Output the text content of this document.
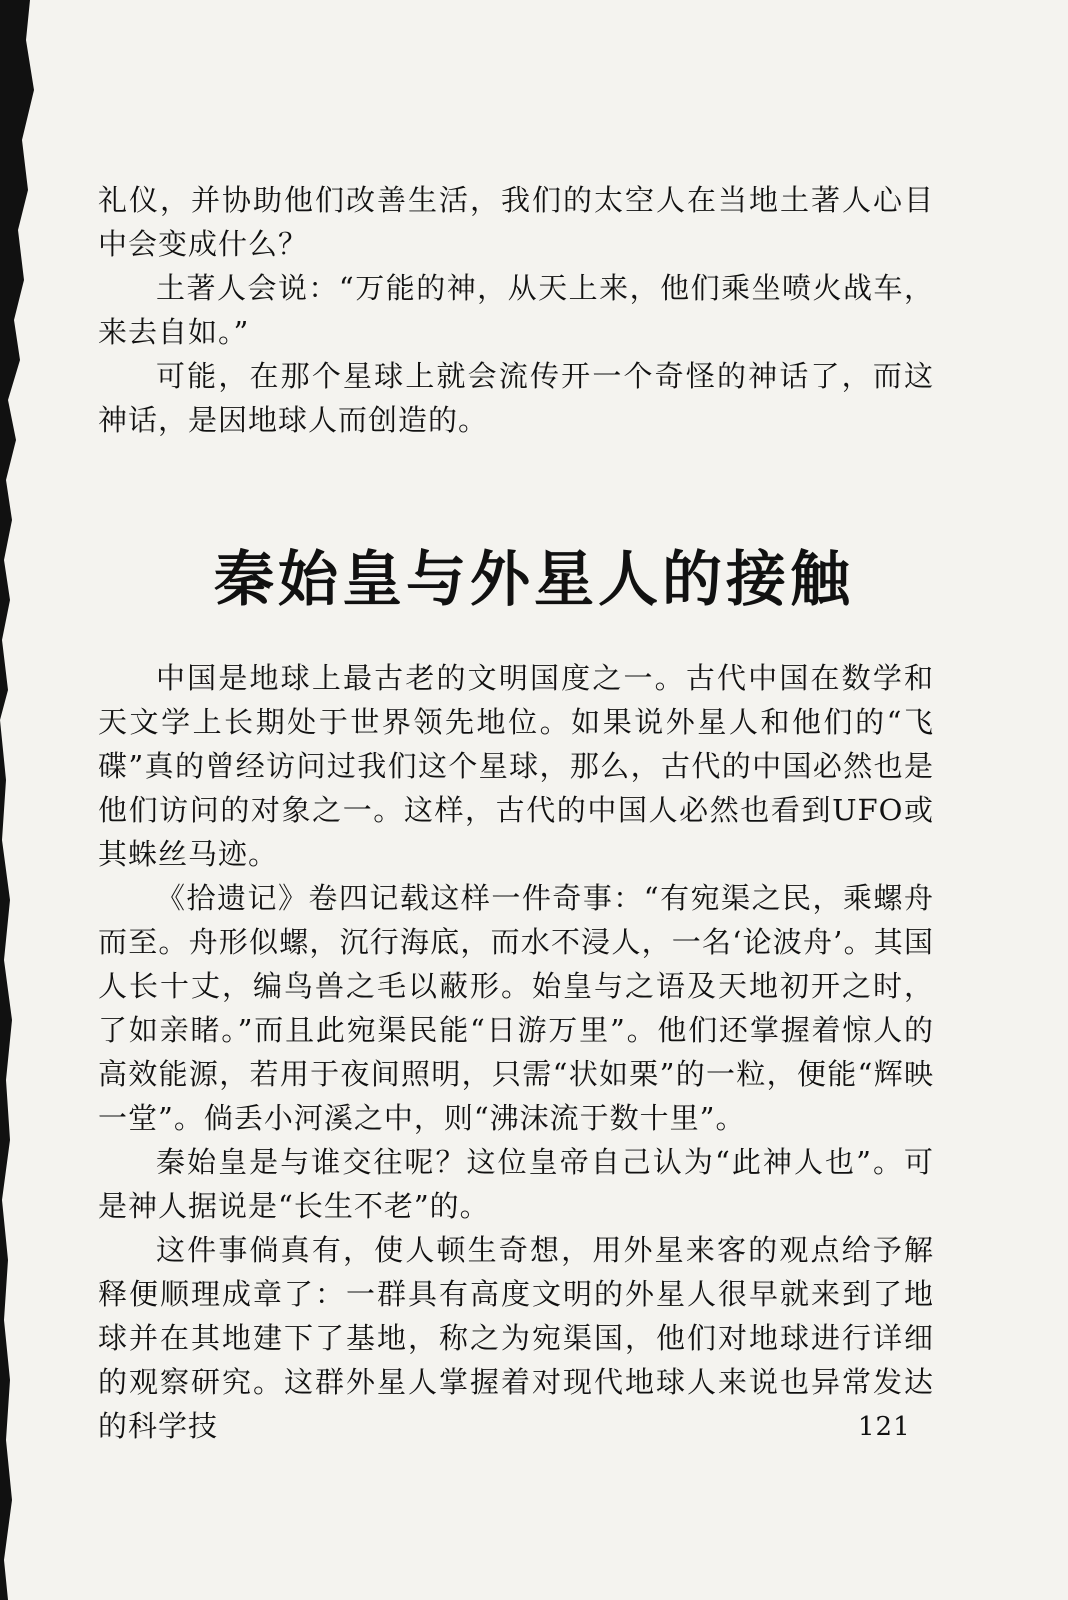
礼仪，并协助他们改善生活，我们的太空人在当地土著人心目中会变成什么？

土著人会说：“万能的神，从天上来，他们乘坐喷火战车，来去自如。”

可能，在那个星球上就会流传开一个奇怪的神话了，而这神话，是因地球人而创造的。

秦始皇与外星人的接触

中国是地球上最古老的文明国度之一。古代中国在数学和天文学上长期处于世界领先地位。如果说外星人和他们的“飞碟”真的曾经访问过我们这个星球，那么，古代的中国必然也是他们访问的对象之一。这样，古代的中国人必然也看到UFO或其蛛丝马迹。

《拾遗记》卷四记载这样一件奇事：“有宛渠之民，乘螺舟而至。舟形似螺，沉行海底，而水不浸人，一名‘论波舟’。其国人长十丈，编鸟兽之毛以蔽形。始皇与之语及天地初开之时，了如亲睹。”而且此宛渠民能“日游万里”。他们还掌握着惊人的高效能源，若用于夜间照明，只需“状如栗”的一粒，便能“辉映一堂”。倘丢小河溪之中，则“沸沫流于数十里”。

秦始皇是与谁交往呢？这位皇帝自己认为“此神人也”。可是神人据说是“长生不老”的。

这件事倘真有，使人顿生奇想，用外星来客的观点给予解释便顺理成章了：一群具有高度文明的外星人很早就来到了地球并在其地建下了基地，称之为宛渠国，他们对地球进行详细的观察研究。这群外星人掌握着对现代地球人来说也异常发达的科学技	121
